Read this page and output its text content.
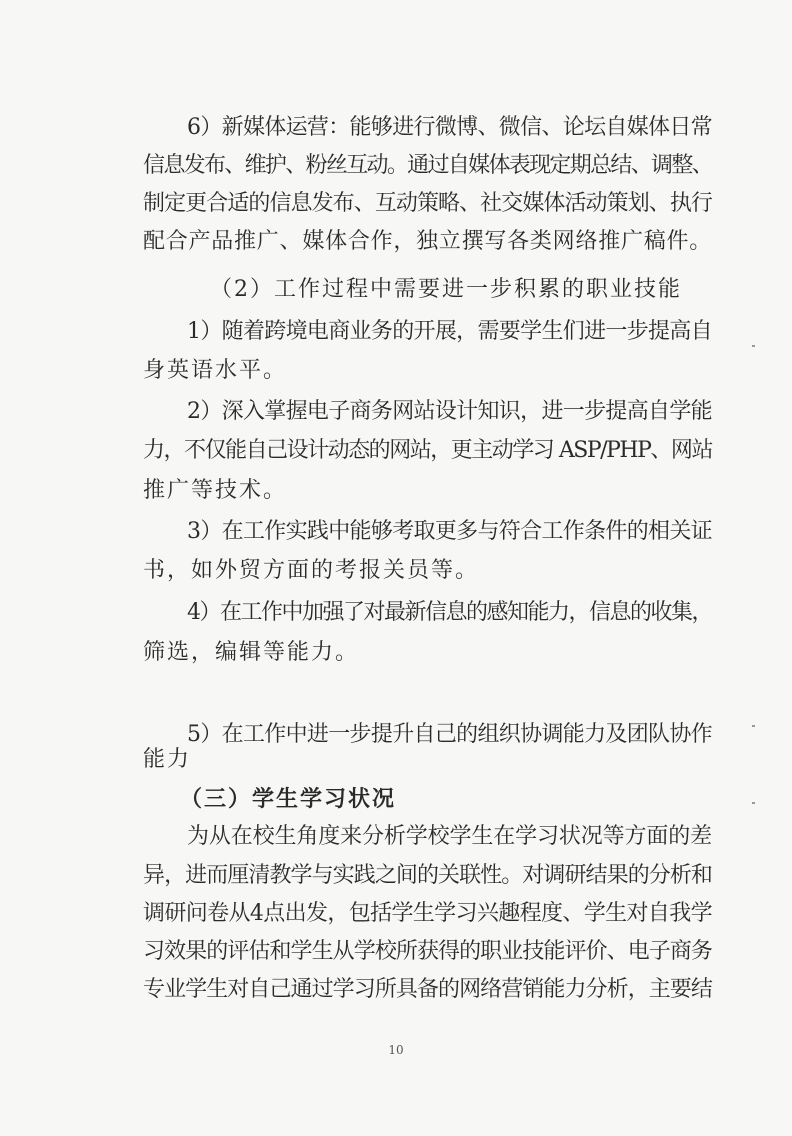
6）新媒体运营：能够进行微博、微信、论坛自媒体日常
信息发布、维护、粉丝互动。通过自媒体表现定期总结、调整、
制定更合适的信息发布、互动策略、社交媒体活动策划、执行
配合产品推广、媒体合作，独立撰写各类网络推广稿件。
（2）工作过程中需要进一步积累的职业技能
1）随着跨境电商业务的开展，需要学生们进一步提高自
身英语水平。
2）深入掌握电子商务网站设计知识，进一步提高自学能
力，不仅能自己设计动态的网站，更主动学习 ASP/PHP、网站
推广等技术。
3）在工作实践中能够考取更多与符合工作条件的相关证
书，如外贸方面的考报关员等。
4）在工作中加强了对最新信息的感知能力，信息的收集，
筛选，编辑等能力。
5）在工作中进一步提升自己的组织协调能力及团队协作
能力
（三）学生学习状况
为从在校生角度来分析学校学生在学习状况等方面的差
异，进而厘清教学与实践之间的关联性。对调研结果的分析和
调研问卷从4点出发，包括学生学习兴趣程度、学生对自我学
习效果的评估和学生从学校所获得的职业技能评价、电子商务
专业学生对自己通过学习所具备的网络营销能力分析，主要结
10
